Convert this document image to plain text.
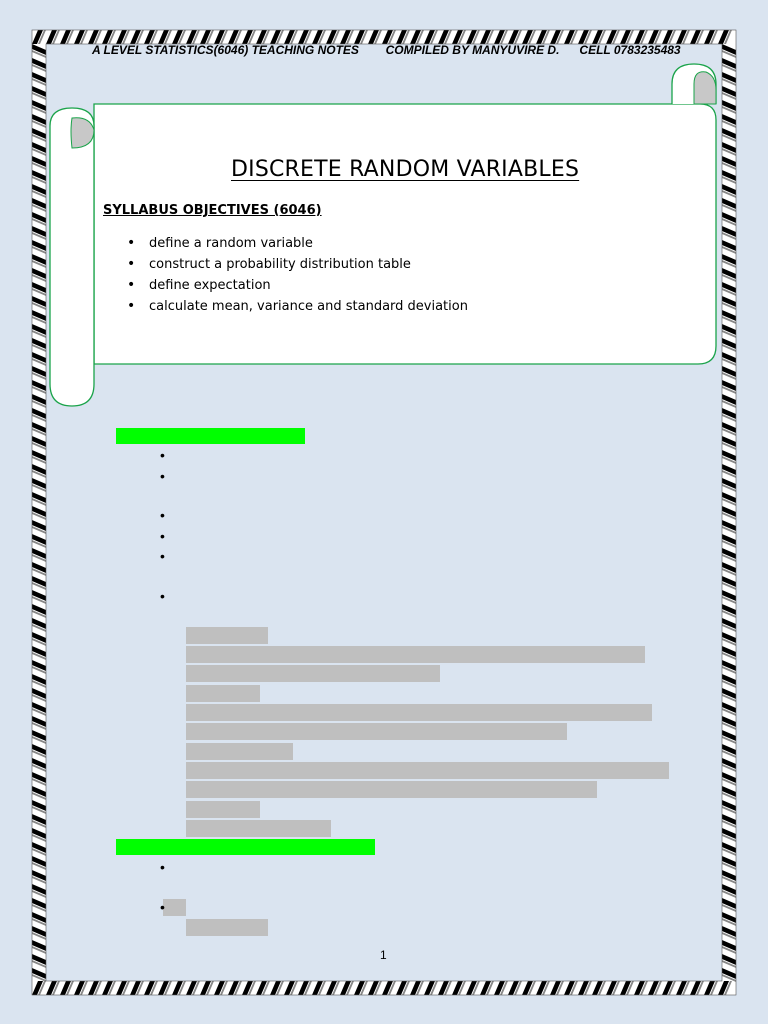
A LEVEL STATISTICS(6046) TEACHING NOTES COMPILED BY MANYUVIRE D. CELL 0783235483
DISCRETE RANDOM VARIABLES
SYLLABUS OBJECTIVES (6046)
• define a random variable
• construct a probability distribution table
• define expectation
• calculate mean, variance and standard deviation
•
•
•
•
•
•
•
•
1
